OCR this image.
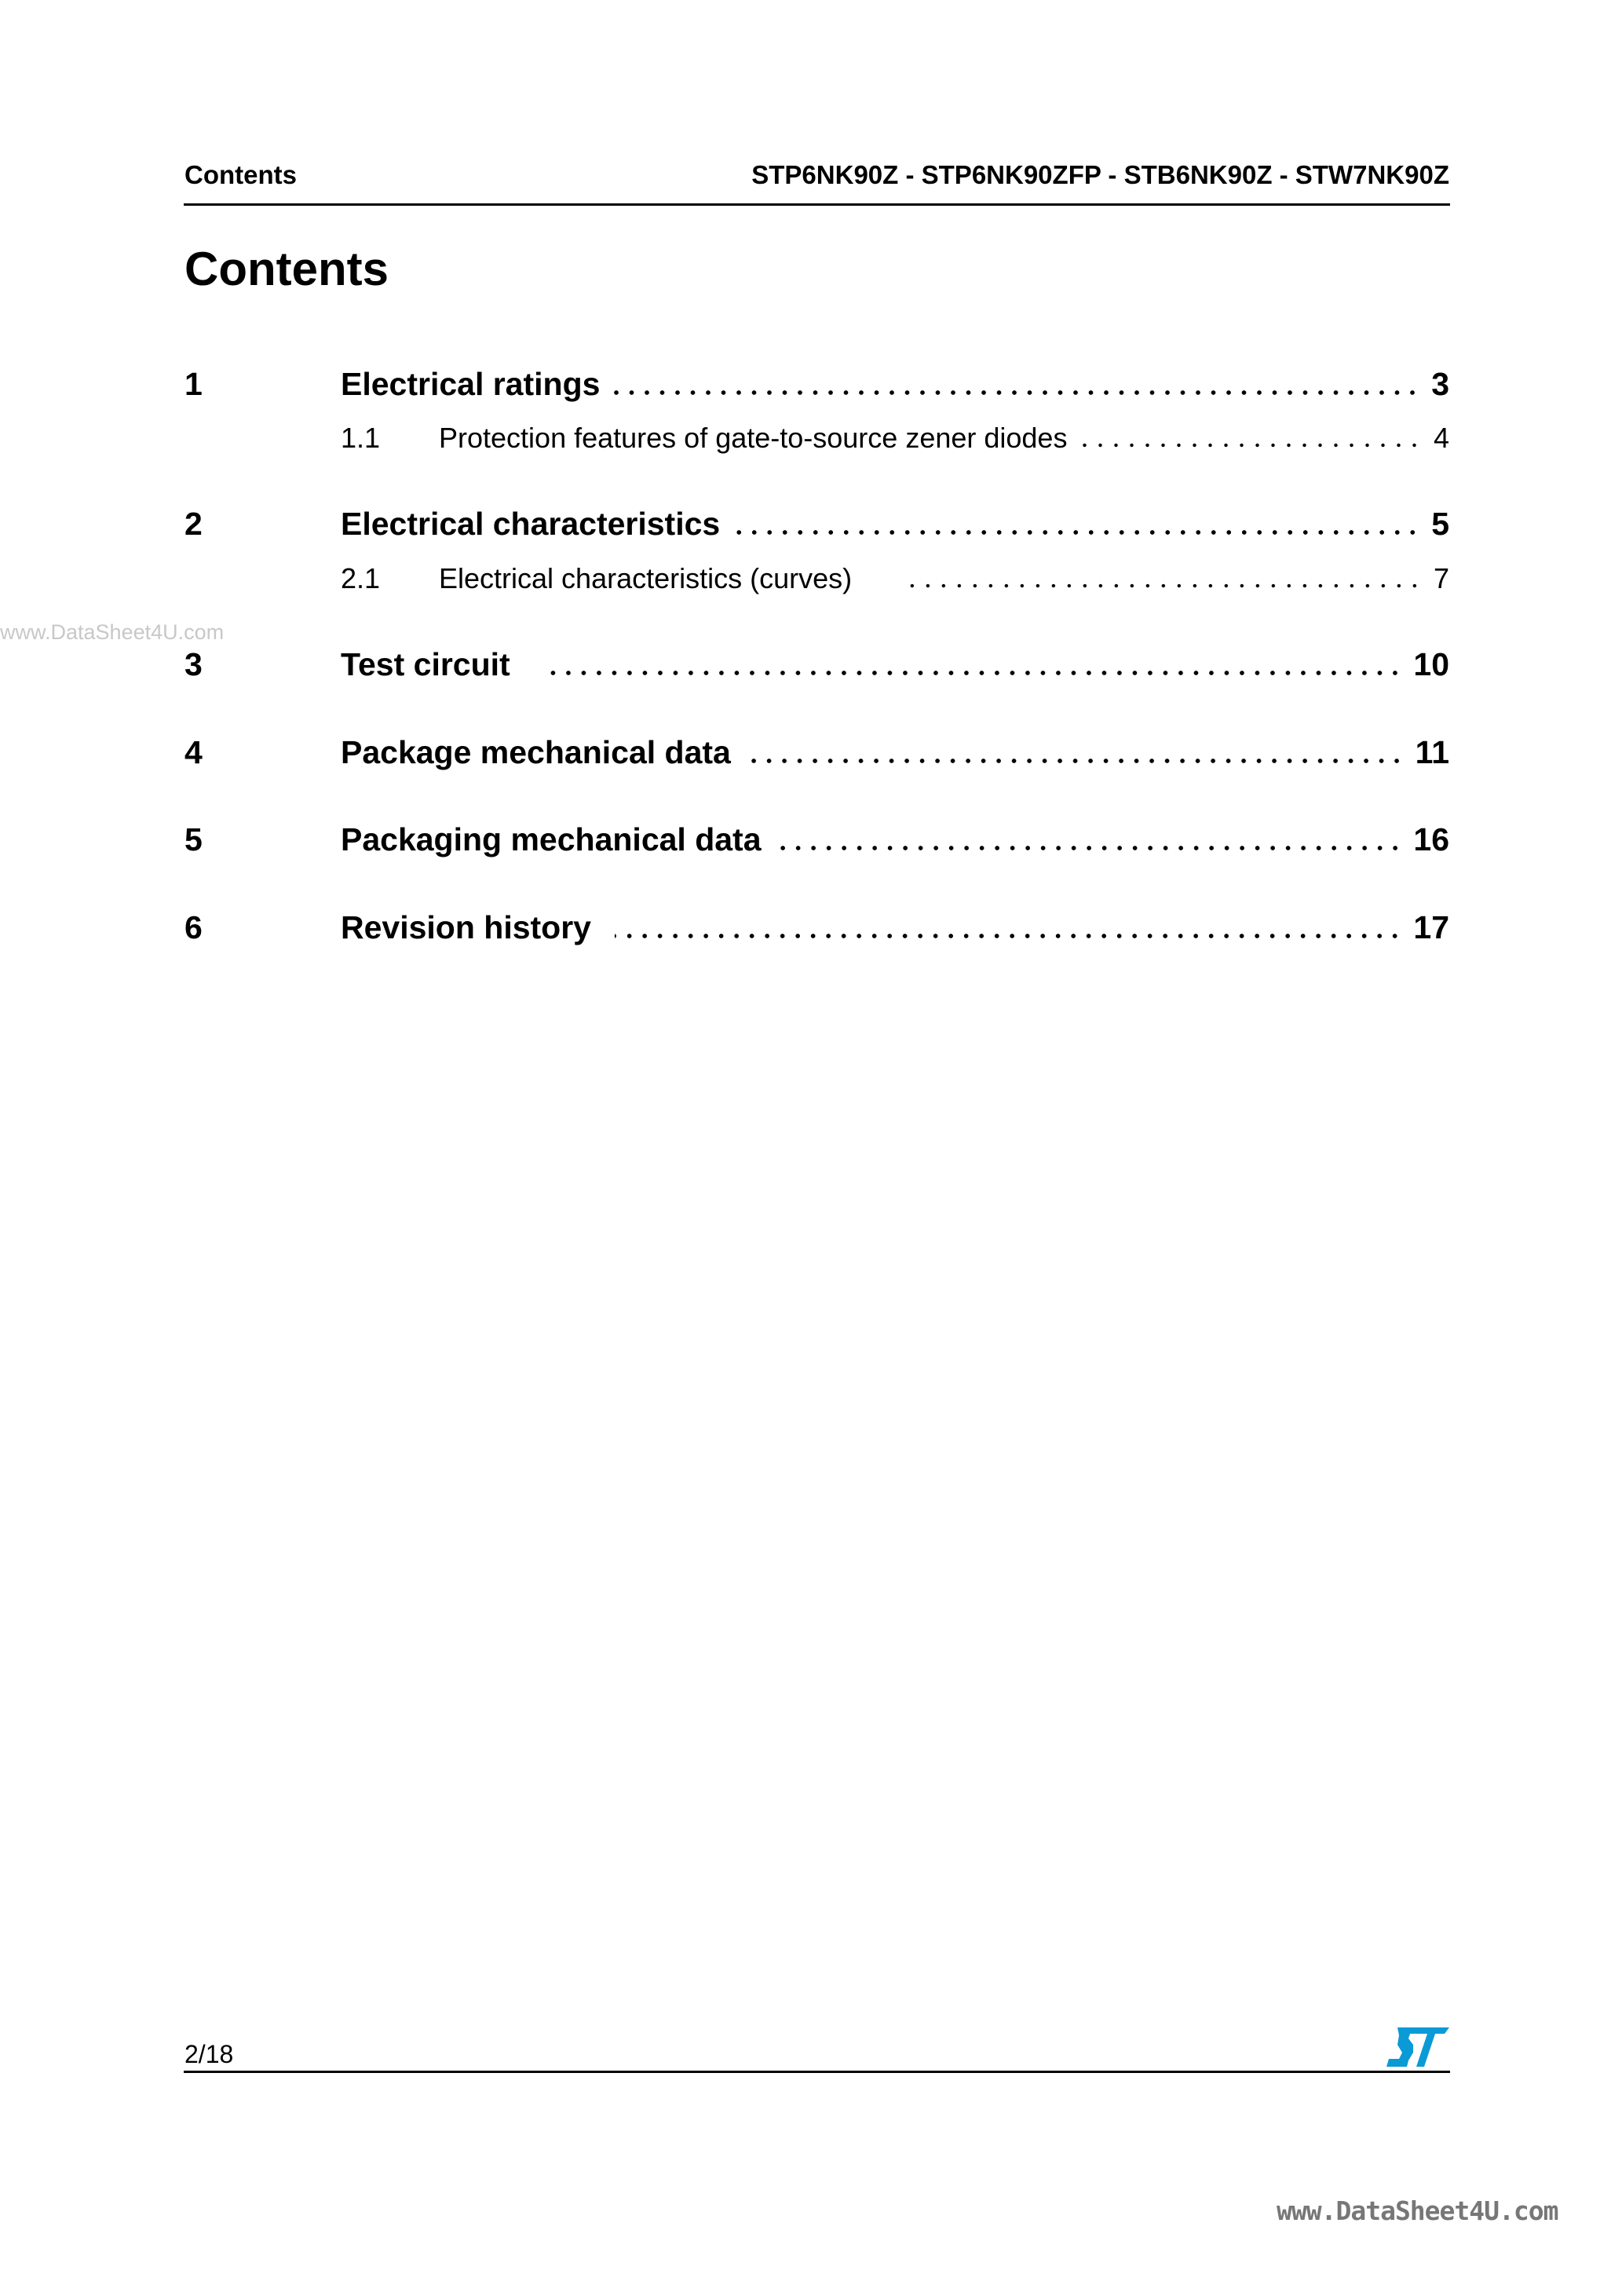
Contents	STP6NK90Z - STP6NK90ZFP - STB6NK90Z - STW7NK90Z
Contents
1	Electrical ratings	3
1.1	Protection features of gate-to-source zener diodes	4
2	Electrical characteristics	5
2.1	Electrical characteristics (curves)	7
3	Test circuit	10
4	Package mechanical data	11
5	Packaging mechanical data	16
6	Revision history	17
www.DataSheet4U.com
2/18
www.DataSheet4U.com
